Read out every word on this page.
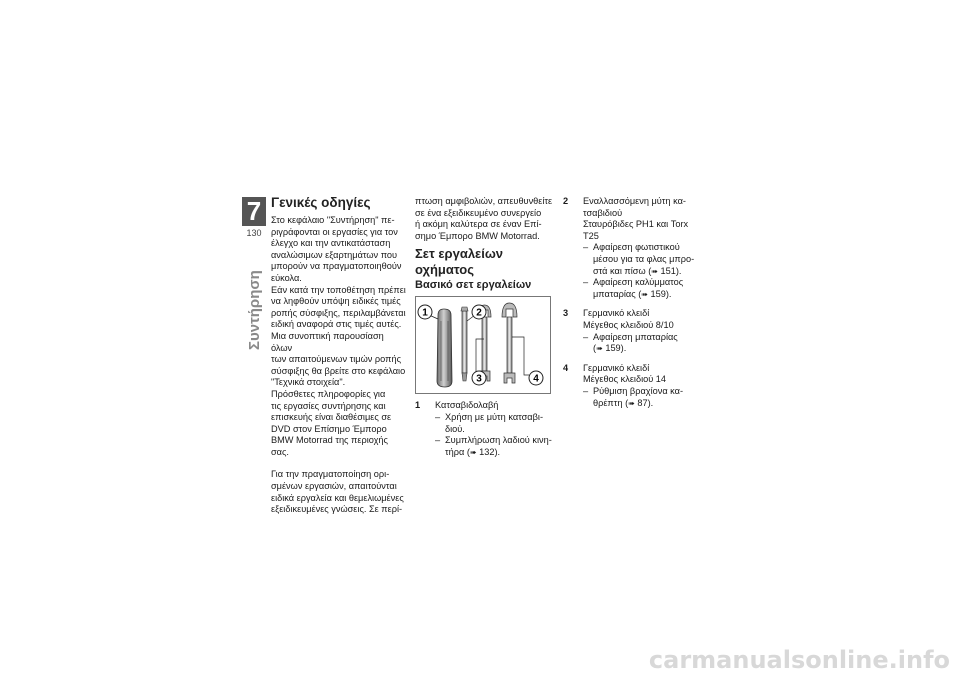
7
130
Συντήρηση
Γενικές οδηγίες
Στο κεφάλαιο "Συντήρηση" πε-
ριγράφονται οι εργασίες για τον
έλεγχο και την αντικατάσταση
αναλώσιμων εξαρτημάτων που
μπορούν να πραγματοποιηθούν
εύκολα.
Εάν κατά την τοποθέτηση πρέπει
να ληφθούν υπόψη ειδικές τιμές
ροπής σύσφιξης, περιλαμβάνεται
ειδική αναφορά στις τιμές αυτές.
Μια συνοπτική παρουσίαση όλων
των απαιτούμενων τιμών ροπής
σύσφιξης θα βρείτε στο κεφάλαιο
"Τεχνικά στοιχεία".
Πρόσθετες πληροφορίες για
τις εργασίες συντήρησης και
επισκευής είναι διαθέσιμες σε
DVD στον Επίσημο Έμπορο
BMW Motorrad της περιοχής
σας.
Για την πραγματοποίηση ορι-
σμένων εργασιών, απαιτούνται
ειδικά εργαλεία και θεμελιωμένες
εξειδικευμένες γνώσεις. Σε περί-
πτωση αμφιβολιών, απευθυνθείτε
σε ένα εξειδικευμένο συνεργείο
ή ακόμη καλύτερα σε έναν Επί-
σημο Έμπορο BMW Motorrad.
Σετ εργαλείων
οχήματος
Βασικό σετ εργαλείων
1	2
3	4
1 Κατσαβιδολαβή
– Χρήση με μύτη κατσαβι-
διού.
– Συμπλήρωση λαδιού κινη-
τήρα (➠ 132).
2 Εναλλασσόμενη μύτη κα-
τσαβιδιού
Σταυρόβιδες PH1 και Torx
T25
– Αφαίρεση φωτιστικού
μέσου για τα φλας μπρο-
στά και πίσω (➠ 151).
– Αφαίρεση καλύμματος
μπαταρίας (➠ 159).
3 Γερμανικό κλειδί
Μέγεθος κλειδιού 8/10
– Αφαίρεση μπαταρίας
(➠ 159).
4 Γερμανικό κλειδί
Μέγεθος κλειδιού 14
– Ρύθμιση βραχίονα κα-
θρέπτη (➠ 87).
carmanualsonline.info
